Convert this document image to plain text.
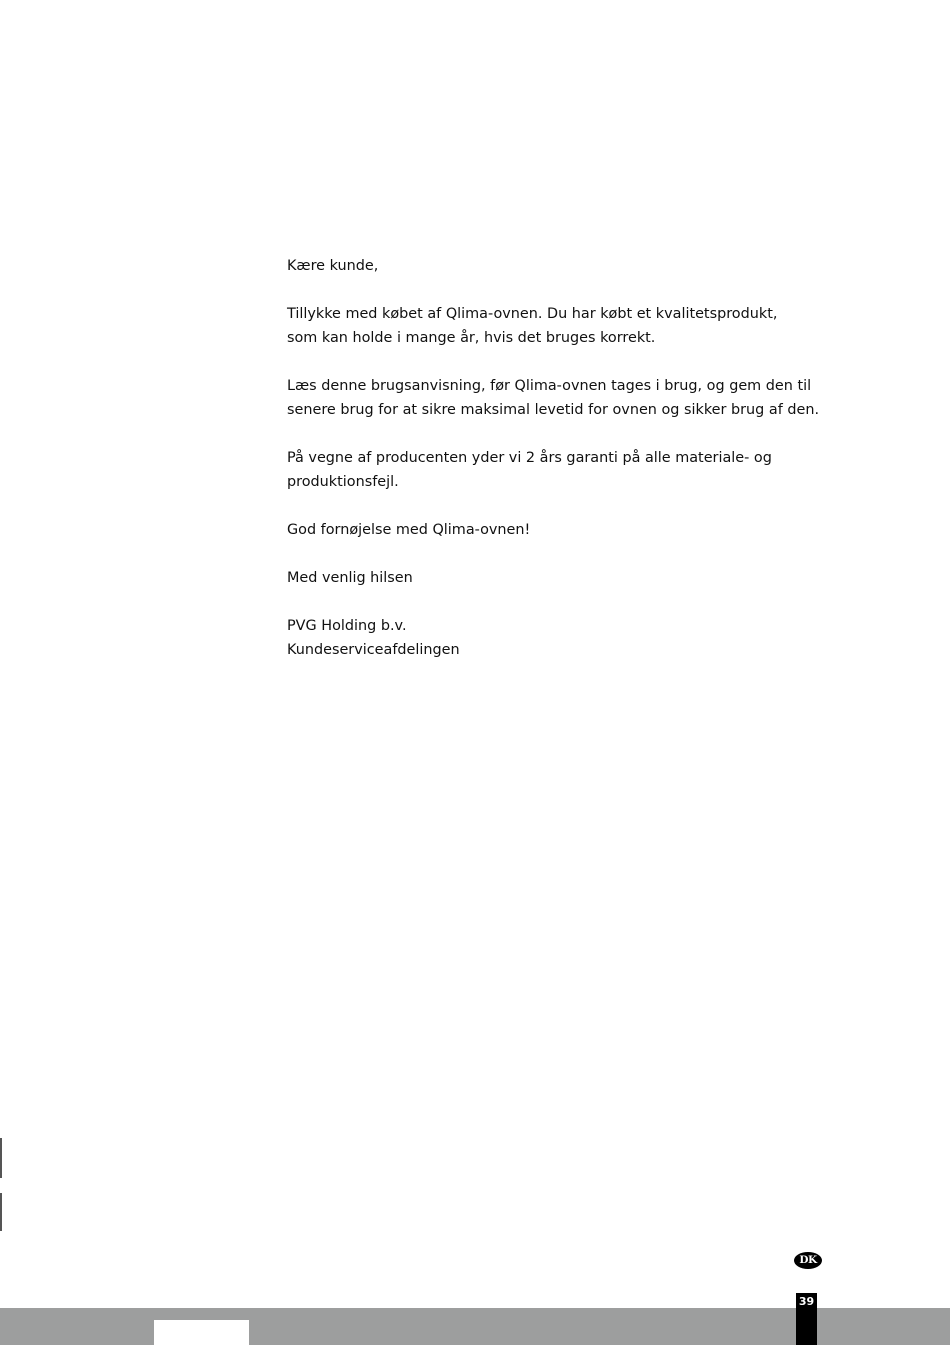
Kære kunde,

Tillykke med købet af Qlima-ovnen. Du har købt et kvalitetsprodukt,
som kan holde i mange år, hvis det bruges korrekt.

Læs denne brugsanvisning, før Qlima-ovnen tages i brug, og gem den til
senere brug for at sikre maksimal levetid for ovnen og sikker brug af den.

På vegne af producenten yder vi 2 års garanti på alle materiale- og
produktionsfejl.

God fornøjelse med Qlima-ovnen!

Med venlig hilsen

PVG Holding b.v.
Kundeserviceafdelingen

DK
39
